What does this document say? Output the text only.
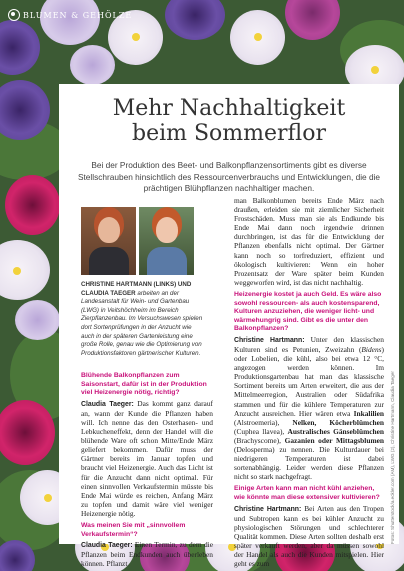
BLUMEN & GEHÖLZE
Mehr Nachhaltigkeit
beim Sommerflor
Bei der Produktion des Beet- und Balkonpflanzensortiments gibt es diverse Stellschrauben hinsichtlich des Ressourcenverbrauchs und Entwicklungen, die die prächtigen Blühpflanzen nachhaltiger machen.
CHRISTINE HARTMANN (LINKS) UND CLAUDIA TAEGER arbeiten an der Landesanstalt für Wein- und Gartenbau (LWG) in Veitshöchheim im Bereich Zierpflanzenbau. Im Versuchswesen spielen dort Sortenprüfungen in der Anzucht wie auch in der späteren Gartenleistung eine große Rolle, genau wie die Optimierung von Produktionsfaktoren gärtnerischer Kulturen.
Blühende Balkonpflanzen zum Saisonstart, dafür ist in der Produktion viel Heizenergie nötig, richtig?

Claudia Taeger: Das kommt ganz darauf an, wann der Kunde die Pflanzen haben will. Ich nenne das den Osterhasen- und Lebkucheneffekt, denn der Handel will die blühende Ware oft schon Mitte/Ende März geliefert bekommen. Dafür muss der Gärtner bereits im Januar topfen und braucht viel Heizenergie. Auch das Licht ist für die Anzucht dann nicht optimal. Für einen sinnvollen Verkaufstermin müsste bis Ende Mai würde es reichen, Anfang März zu topfen und damit wäre viel weniger Heizenergie nötig.

Was meinen Sie mit „sinnvollem Verkaufstermin“?

Claudia Taeger: Einen Termin, zu dem die Pflanzen beim Endkunden auch überleben können. Pflanzt

man Balkonblumen bereits Ende März nach draußen, erleiden sie mit ziemlicher Sicherheit Frostschäden. Muss man sie als Endkunde bis Ende Mai dann noch irgendwie drinnen durchbringen, ist das für die Entwicklung der Pflanzen ebenfalls nicht optimal. Der Gärtner kann noch so torfreduziert, effizient und ökologisch kultivieren: Wenn ein hoher Prozentsatz der Ware später beim Kunden weggeworfen wird, ist das nicht nachhaltig.

Heizenergie kostet ja auch Geld. Es wäre also sowohl ressourcen- als auch kostensparend, Kulturen anzuziehen, die weniger licht- und wärmehungrig sind. Gibt es die unter den Balkonpflanzen?

Christine Hartmann: Unter den klassischen Kulturen sind es Petunien, Zweizahn (Bidens) oder Lobelien, die kühl, also bei etwa 12 °C, angezogen werden können. Im Produktionsgartenbau hat man das klassische Sortiment bereits um Arten erweitert, die aus der Mittelmeerregion, Australien oder Südafrika stammen und für die kühlere Temperaturen zur Anzucht ausreichen. Hier wären etwa Inkalilien (Alstroemeria), Nelken, Köcherblümchen (Cuphea llavea), Australisches Gänseblümchen (Brachyscome), Gazanien oder Mittagsblumen (Delosperma) zu nennen. Die Kulturdauer bei niedrigeren Temperaturen ist dabei sortenabhängig. Leider werden diese Pflanzen nicht so stark nachgefragt.

Einige Arten kann man nicht kühl anziehen, wie könnte man diese extensiver kultivieren?

Christine Hartmann: Bei Arten aus den Tropen und Subtropen kann es bei kühler Anzucht zu physiologischen Störungen und schlechterer Qualität kommen. Diese Arten sollten deshalb erst später verkauft werden, aber da müssen sowohl der Handel als auch die Kunden mitspielen. Hier geht es zum

Fotos: Shutterstock/a.eckler.com (AM), LWG (2), Christine Hartmann, Claudia Taeger
